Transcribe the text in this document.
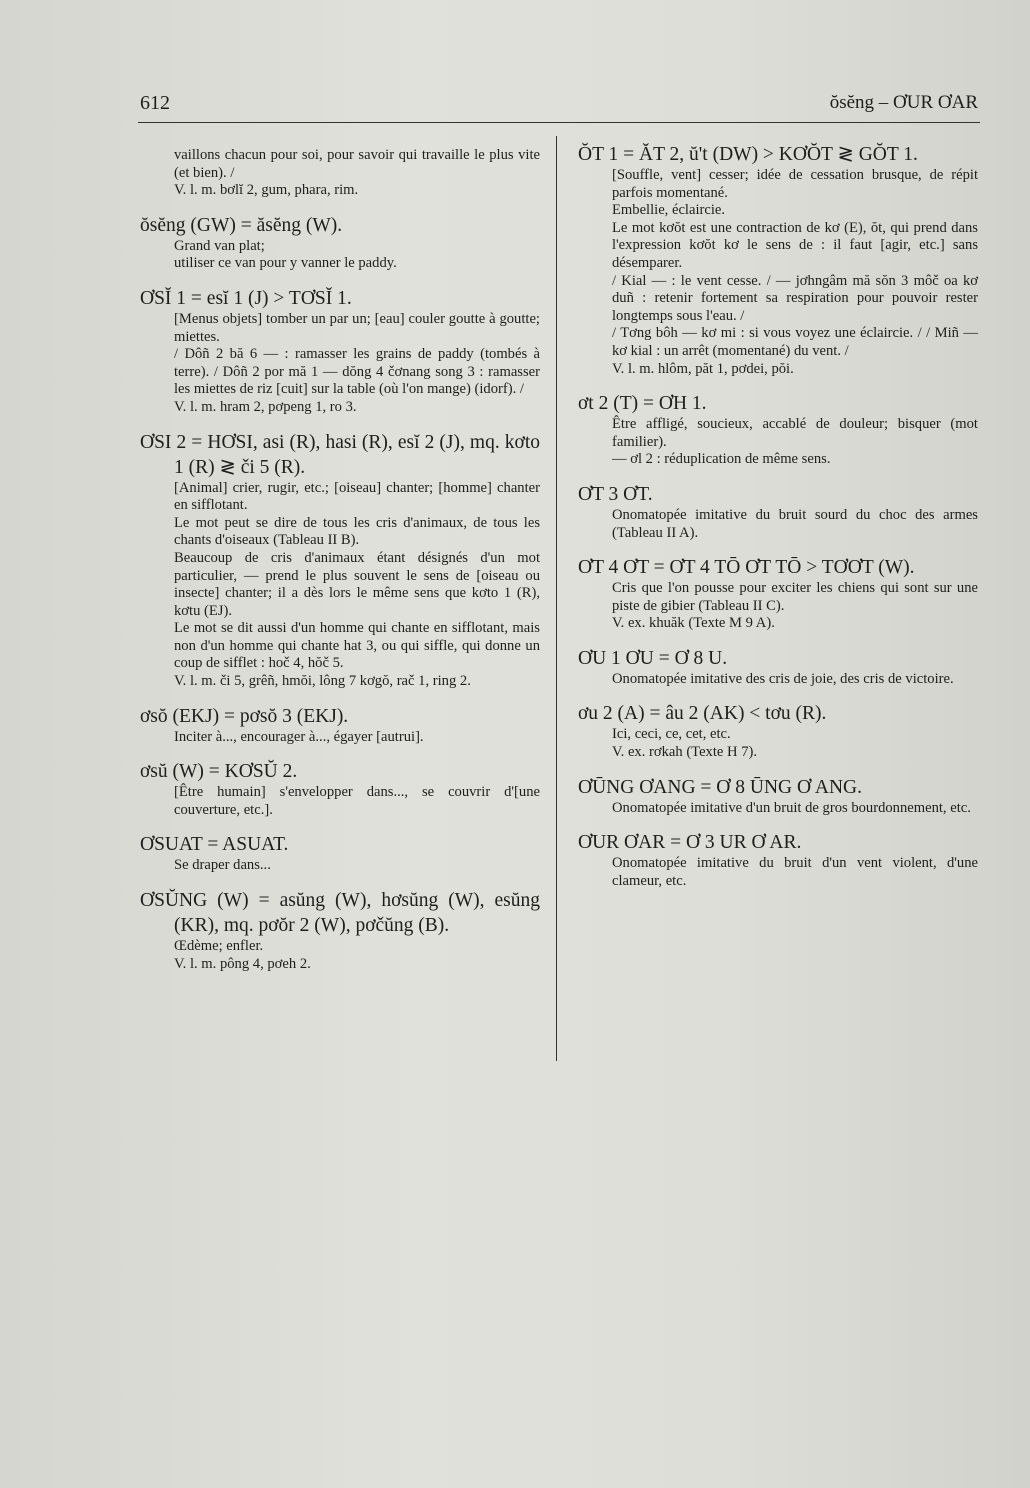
612	ŏsĕng – ƠUR ƠAR

vaillons chacun pour soi, pour savoir qui travaille le plus vite (et bien). /

V. l. m. bơlĭ 2, gum, phara, rim.

ŏsĕng (GW) = ăsĕng (W).

Grand van plat;

utiliser ce van pour y vanner le paddy.

ƠSĬ 1 = esĭ 1 (J) > TƠSĬ 1.

[Menus objets] tomber un par un; [eau] couler goutte à goutte; miettes.

/ Dôñ 2 bă 6 — : ramasser les grains de paddy (tombés à terre). / Dôñ 2 por mă 1 — dŏng 4 čơnang song 3 : ramasser les miettes de riz [cuit] sur la table (où l'on mange) (idorf). /

V. l. m. hram 2, pơpeng 1, ro 3.

ƠSI 2 = HƠSI, asi (R), hasi (R), esĭ 2 (J), mq. kơto 1 (R) ≷ či 5 (R).

[Animal] crier, rugir, etc.; [oiseau] chanter; [homme] chanter en sifflotant.

Le mot peut se dire de tous les cris d'animaux, de tous les chants d'oiseaux (Tableau II B).

Beaucoup de cris d'animaux étant désignés d'un mot particulier, — prend le plus souvent le sens de [oiseau ou insecte] chanter; il a dès lors le même sens que kơto 1 (R), kơtu (EJ).

Le mot se dit aussi d'un homme qui chante en sifflotant, mais non d'un homme qui chante hat 3, ou qui siffle, qui donne un coup de sifflet : hoč 4, hŏč 5.

V. l. m. či 5, grêñ, hmŏi, lông 7 kơgŏ, rač 1, ring 2.

ơsŏ (EKJ) = pơsŏ 3 (EKJ).

Inciter à..., encourager à..., égayer [autrui].

ơsŭ (W) = KƠSŬ 2.

[Être humain] s'envelopper dans..., se couvrir d'[une couverture, etc.].

ƠSUAT = ASUAT.

Se draper dans...

ƠSŬNG (W) = asŭng (W), hơsŭng (W), esŭng (KR), mq. pơŏr 2 (W), pơčŭng (B).

Œdème; enfler.

V. l. m. pông 4, pơeh 2.

ŎT 1 = ĂT 2, ŭ't (DW) > KƠŎT ≷ GŎT 1.

[Souffle, vent] cesser; idée de cessation brusque, de répit parfois momentané.

Embellie, éclaircie.

Le mot kơŏt est une contraction de kơ (E), ŏt, qui prend dans l'expression kơŏt kơ le sens de : il faut [agir, etc.] sans désemparer.

/ Kial — : le vent cesse. / — jơhngâm mă sŏn 3 môč oa kơ duñ : retenir fortement sa respiration pour pouvoir rester longtemps sous l'eau. /

/ Tơng bôh — kơ mi : si vous voyez une éclaircie. / / Miñ — kơ kial : un arrêt (momentané) du vent. /

V. l. m. hlôm, păt 1, pơdei, pŏi.

ơt 2 (T) = ƠH 1.

Être affligé, soucieux, accablé de douleur; bisquer (mot familier).

— ơl 2 : réduplication de même sens.

ƠT 3 ƠT.

Onomatopée imitative du bruit sourd du choc des armes (Tableau II A).

ƠT 4 ƠT = ƠT 4 TŌ ƠT TŌ > TƠƠT (W).

Cris que l'on pousse pour exciter les chiens qui sont sur une piste de gibier (Tableau II C).

V. ex. khuăk (Texte M 9 A).

ƠU 1 ƠU = Ơ 8 U.

Onomatopée imitative des cris de joie, des cris de victoire.

ơu 2 (A) = âu 2 (AK) < tơu (R).

Ici, ceci, ce, cet, etc.

V. ex. rơkah (Texte H 7).

ƠŪNG ƠANG = Ơ 8 ŪNG Ơ ANG.

Onomatopée imitative d'un bruit de gros bourdonnement, etc.

ƠUR ƠAR = Ơ 3 UR Ơ AR.

Onomatopée imitative du bruit d'un vent violent, d'une clameur, etc.
